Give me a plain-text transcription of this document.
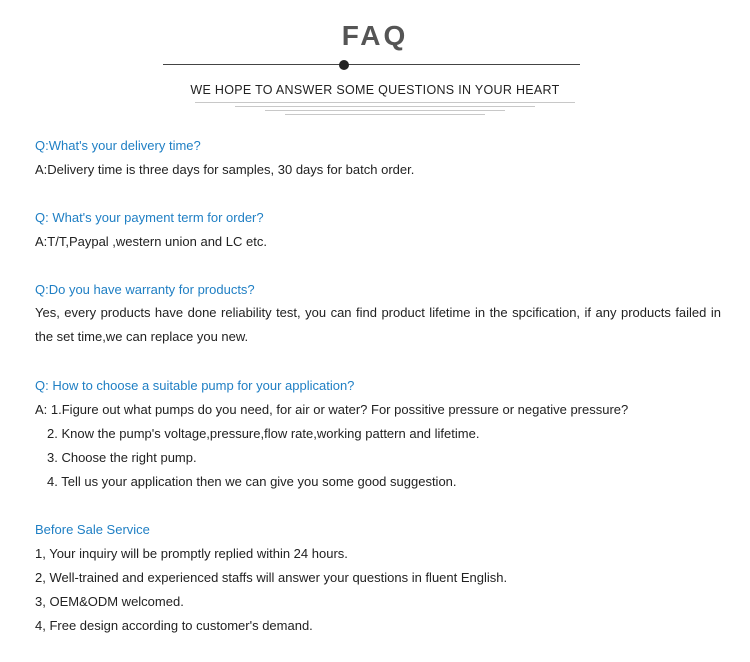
FAQ
WE HOPE TO ANSWER SOME QUESTIONS IN YOUR HEART
Q:What's your delivery time?
A:Delivery time is three days for samples, 30 days for batch order.
Q: What's your payment term for order?
A:T/T,Paypal ,western union and LC etc.
Q:Do you have warranty for products?
Yes, every products have done reliability test, you can find product lifetime in the spcification, if any products failed in the set time,we can replace you new.
Q: How to choose a suitable pump for your application?
A: 1.Figure out what pumps do you need, for air or water? For possitive pressure or negative pressure?
2. Know the pump's voltage,pressure,flow rate,working pattern and lifetime.
3. Choose the right pump.
4. Tell us your application then we can give you some good suggestion.
Before Sale Service
1, Your inquiry will be promptly replied within 24 hours.
2, Well-trained and experienced staffs will answer your questions in fluent English.
3, OEM&ODM welcomed.
4, Free design according to customer's demand.
